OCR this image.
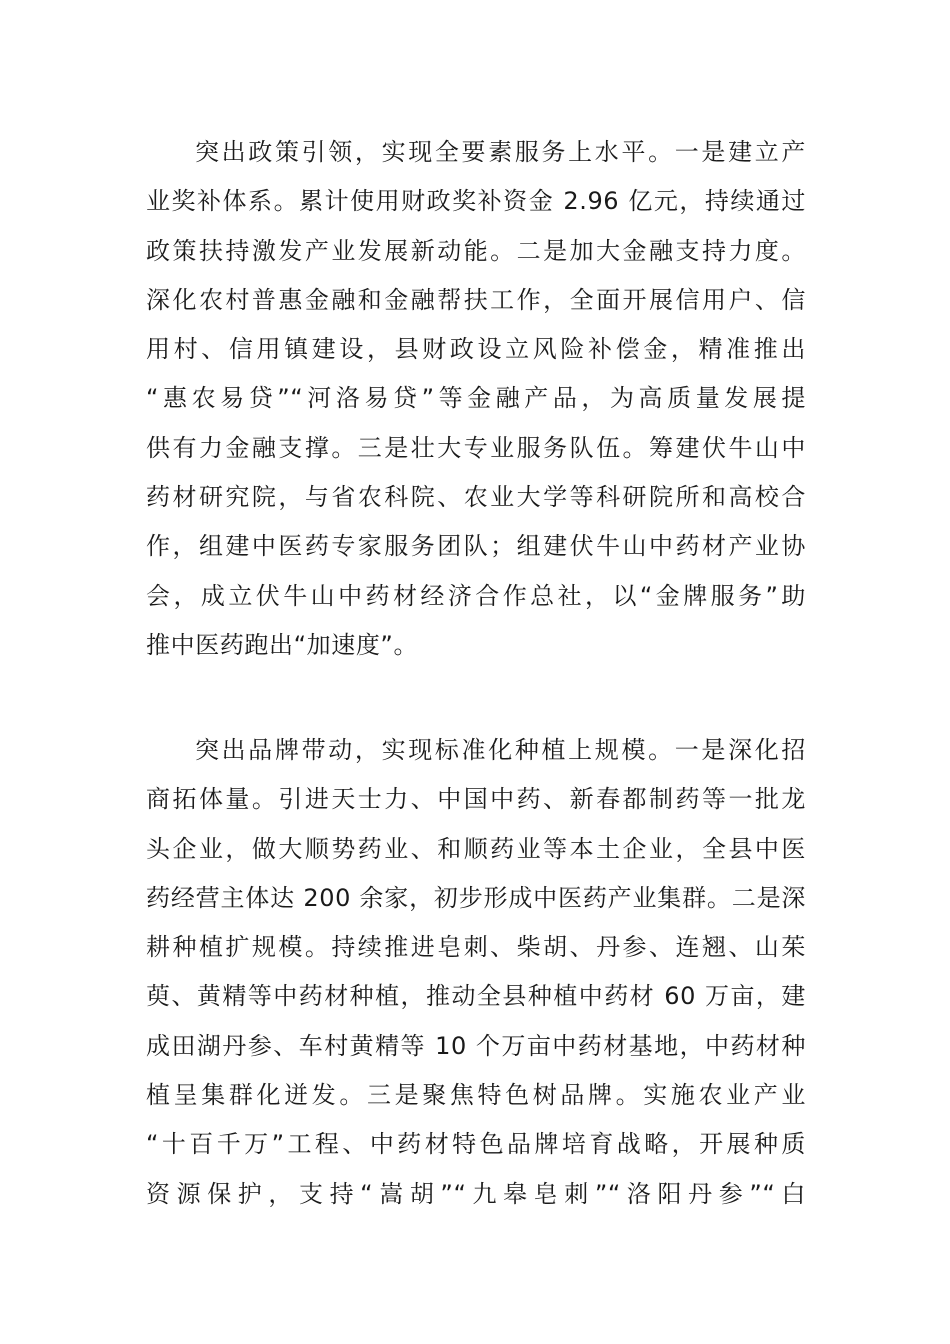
突出政策引领，实现全要素服务上水平。一是建立产
业奖补体系。累计使用财政奖补资金 2.96 亿元，持续通过
政策扶持激发产业发展新动能。二是加大金融支持力度。
深化农村普惠金融和金融帮扶工作，全面开展信用户、信
用村、信用镇建设，县财政设立风险补偿金，精准推出
“惠农易贷”“河洛易贷”等金融产品，为高质量发展提
供有力金融支撑。三是壮大专业服务队伍。筹建伏牛山中
药材研究院，与省农科院、农业大学等科研院所和高校合
作，组建中医药专家服务团队；组建伏牛山中药材产业协
会，成立伏牛山中药材经济合作总社，以“金牌服务”助
推中医药跑出“加速度”。
突出品牌带动，实现标准化种植上规模。一是深化招
商拓体量。引进天士力、中国中药、新春都制药等一批龙
头企业，做大顺势药业、和顺药业等本土企业，全县中医
药经营主体达 200 余家，初步形成中医药产业集群。二是深
耕种植扩规模。持续推进皂刺、柴胡、丹参、连翘、山茱
萸、黄精等中药材种植，推动全县种植中药材 60 万亩，建
成田湖丹参、车村黄精等 10 个万亩中药材基地，中药材种
植呈集群化迸发。三是聚焦特色树品牌。实施农业产业
“十百千万”工程、中药材特色品牌培育战略，开展种质
资源保护，支持“嵩胡”“九皋皂刺”“洛阳丹参”“白
